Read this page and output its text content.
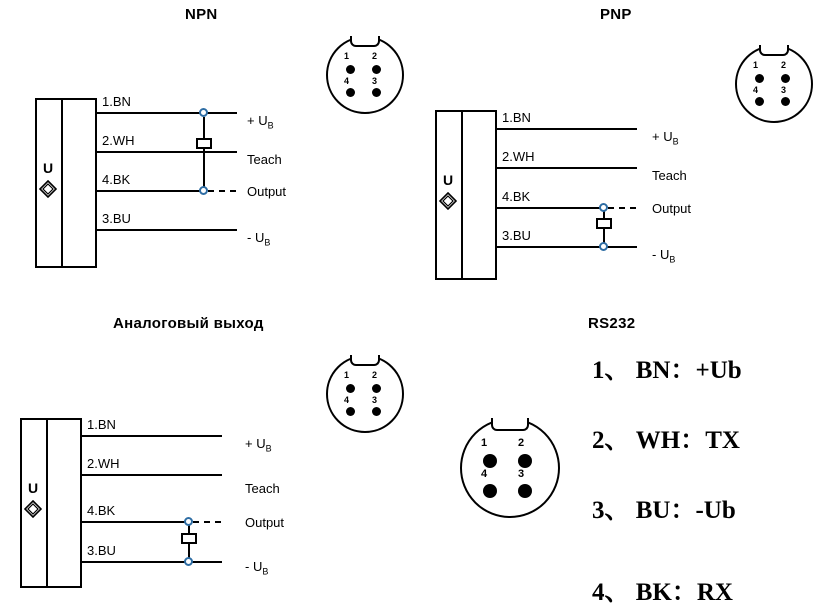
NPN
U
1.BN
2.WH
4.BK
3.BU
+ $U_B$
Teach
Output
- $U_B$
1	2
4	3
PNP
U
1.BN
2.WH
4.BK
3.BU
+ $U_B$
Teach
Output
- $U_B$
1	2
4	3
Аналоговый выход
U
1.BN
2.WH
4.BK
3.BU
+ $U_B$
Teach
Output
- $U_B$
1	2
4	3
RS232
1	2
4	3
1、 BN：+Ub
2、 WH：TX
3、 BU：-Ub
4、 BK：RX
